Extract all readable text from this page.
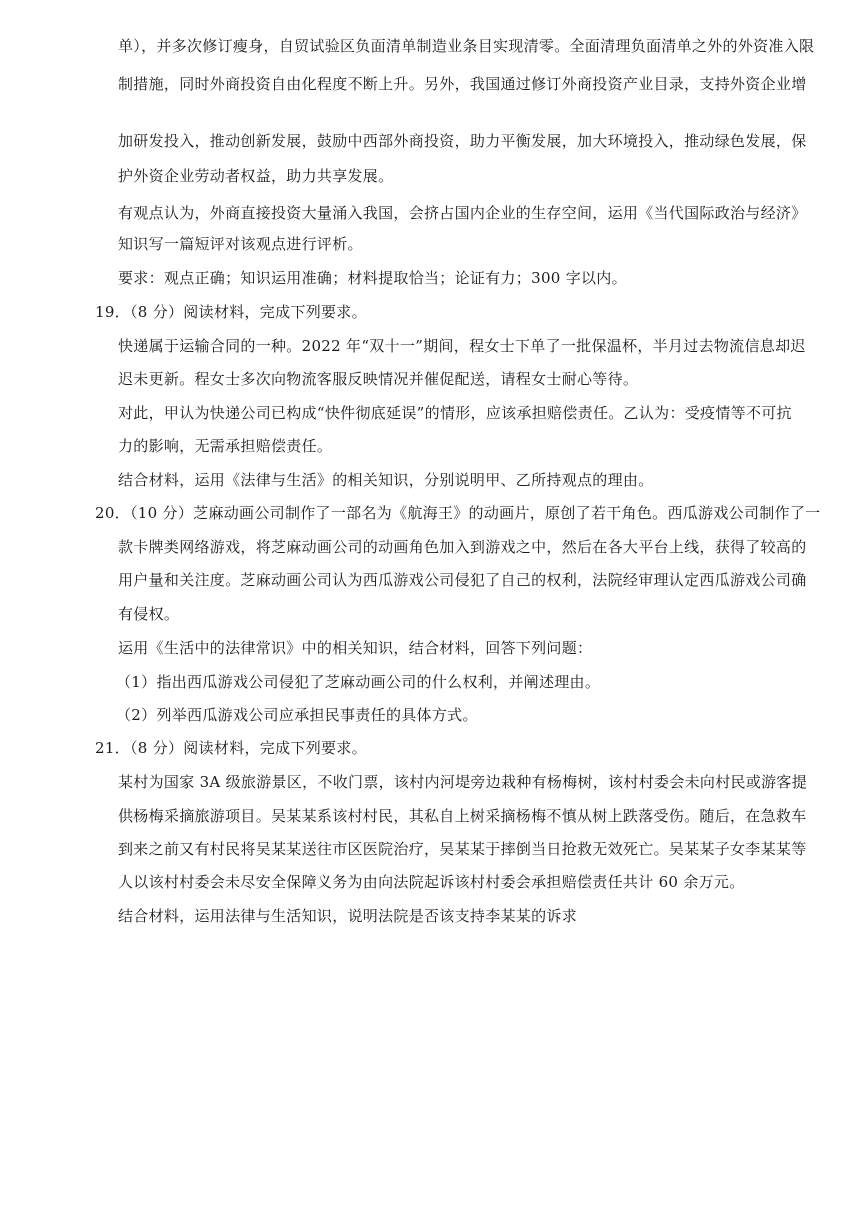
单），并多次修订瘦身，自贸试验区负面清单制造业条目实现清零。全面清理负面清单之外的外资准入限
制措施，同时外商投资自由化程度不断上升。另外，我国通过修订外商投资产业目录，支持外资企业增
加研发投入，推动创新发展，鼓励中西部外商投资，助力平衡发展，加大环境投入，推动绿色发展，保
护外资企业劳动者权益，助力共享发展。
有观点认为，外商直接投资大量涌入我国，会挤占国内企业的生存空间，运用《当代国际政治与经济》
知识写一篇短评对该观点进行评析。
要求：观点正确；知识运用准确；材料提取恰当；论证有力；300 字以内。
19．（8 分）阅读材料，完成下列要求。
快递属于运输合同的一种。2022 年“双十一”期间，程女士下单了一批保温杯，半月过去物流信息却迟
迟未更新。程女士多次向物流客服反映情况并催促配送，请程女士耐心等待。
对此，甲认为快递公司已构成“快件彻底延误”的情形，应该承担赔偿责任。乙认为：受疫情等不可抗
力的影响，无需承担赔偿责任。
结合材料，运用《法律与生活》的相关知识，分别说明甲、乙所持观点的理由。
20．（10 分）芝麻动画公司制作了一部名为《航海王》的动画片，原创了若干角色。西瓜游戏公司制作了一
款卡牌类网络游戏，将芝麻动画公司的动画角色加入到游戏之中，然后在各大平台上线，获得了较高的
用户量和关注度。芝麻动画公司认为西瓜游戏公司侵犯了自己的权利，法院经审理认定西瓜游戏公司确
有侵权。
运用《生活中的法律常识》中的相关知识，结合材料，回答下列问题：
（1）指出西瓜游戏公司侵犯了芝麻动画公司的什么权利，并阐述理由。
（2）列举西瓜游戏公司应承担民事责任的具体方式。
21．（8 分）阅读材料，完成下列要求。
某村为国家 3A 级旅游景区，不收门票，该村内河堤旁边栽种有杨梅树，该村村委会未向村民或游客提
供杨梅采摘旅游项目。吴某某系该村村民，其私自上树采摘杨梅不慎从树上跌落受伤。随后，在急救车
到来之前又有村民将吴某某送往市区医院治疗，吴某某于摔倒当日抢救无效死亡。吴某某子女李某某等
人以该村村委会未尽安全保障义务为由向法院起诉该村村委会承担赔偿责任共计 60 余万元。
结合材料，运用法律与生活知识，说明法院是否该支持李某某的诉求
